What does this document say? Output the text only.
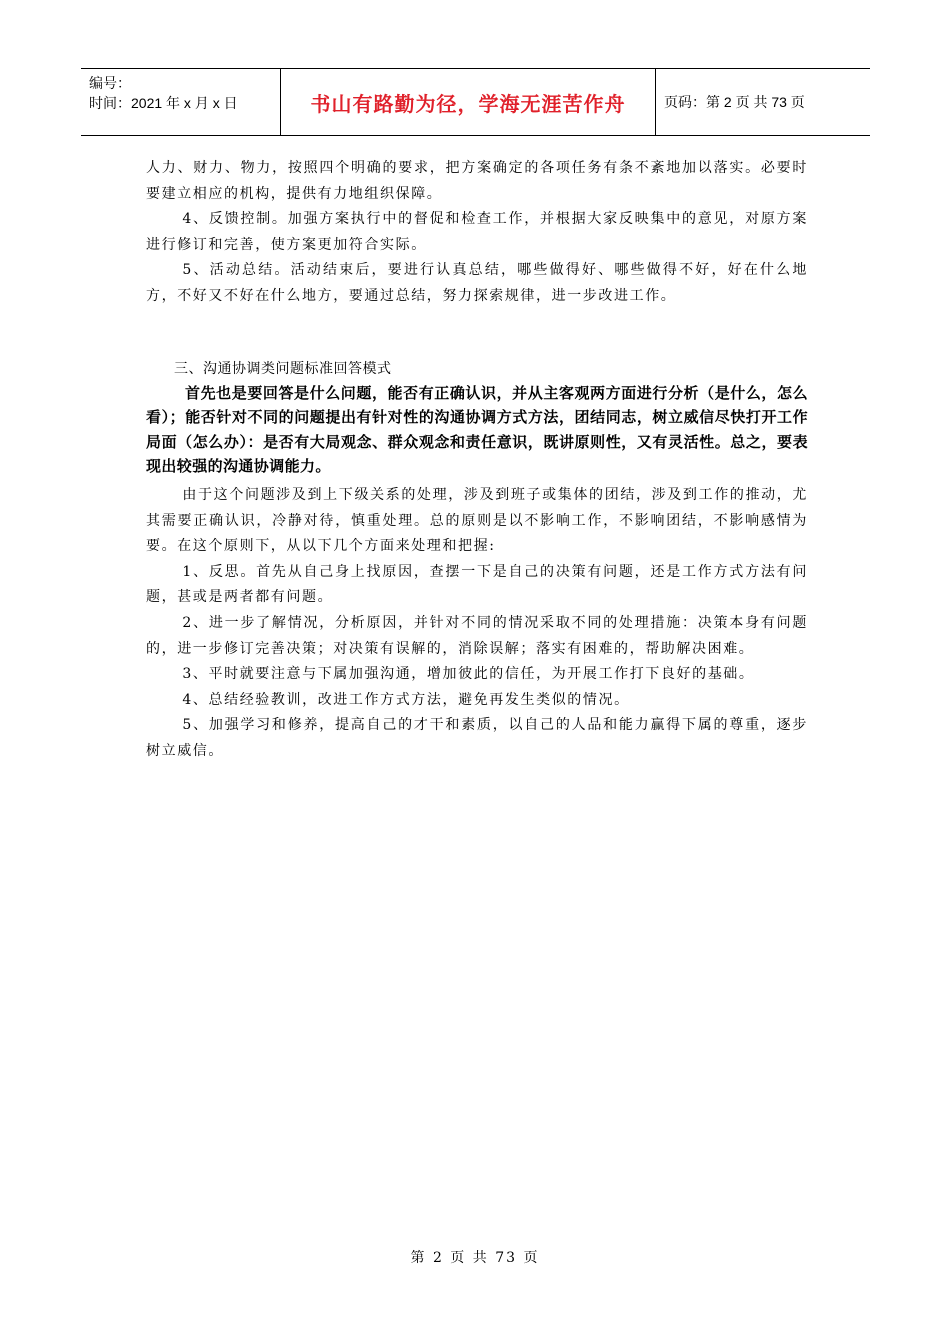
编号：
时间：2021 年 x 月 x 日	书山有路勤为径，学海无涯苦作舟	页码：第 2 页 共 73 页

人力、财力、物力，按照四个明确的要求，把方案确定的各项任务有条不紊地加以落实。必要时要建立相应的机构，提供有力地组织保障。

4、反馈控制。加强方案执行中的督促和检查工作，并根据大家反映集中的意见，对原方案进行修订和完善，使方案更加符合实际。

5、活动总结。活动结束后，要进行认真总结，哪些做得好、哪些做得不好，好在什么地方，不好又不好在什么地方，要通过总结，努力探索规律，进一步改进工作。

三、沟通协调类问题标准回答模式

首先也是要回答是什么问题，能否有正确认识，并从主客观两方面进行分析（是什么，怎么看）；能否针对不同的问题提出有针对性的沟通协调方式方法，团结同志，树立威信尽快打开工作局面（怎么办）：是否有大局观念、群众观念和责任意识，既讲原则性，又有灵活性。总之，要表现出较强的沟通协调能力。

由于这个问题涉及到上下级关系的处理，涉及到班子或集体的团结，涉及到工作的推动，尤其需要正确认识，冷静对待，慎重处理。总的原则是以不影响工作，不影响团结，不影响感情为要。在这个原则下，从以下几个方面来处理和把握:

1、反思。首先从自己身上找原因，查摆一下是自己的决策有问题，还是工作方式方法有问题，甚或是两者都有问题。

2、进一步了解情况，分析原因，并针对不同的情况采取不同的处理措施：决策本身有问题的，进一步修订完善决策；对决策有误解的，消除误解；落实有困难的，帮助解决困难。

3、平时就要注意与下属加强沟通，增加彼此的信任，为开展工作打下良好的基础。

4、总结经验教训，改进工作方式方法，避免再发生类似的情况。

5、加强学习和修养，提高自己的才干和素质，以自己的人品和能力赢得下属的尊重，逐步树立威信。

第 2 页 共 73 页
